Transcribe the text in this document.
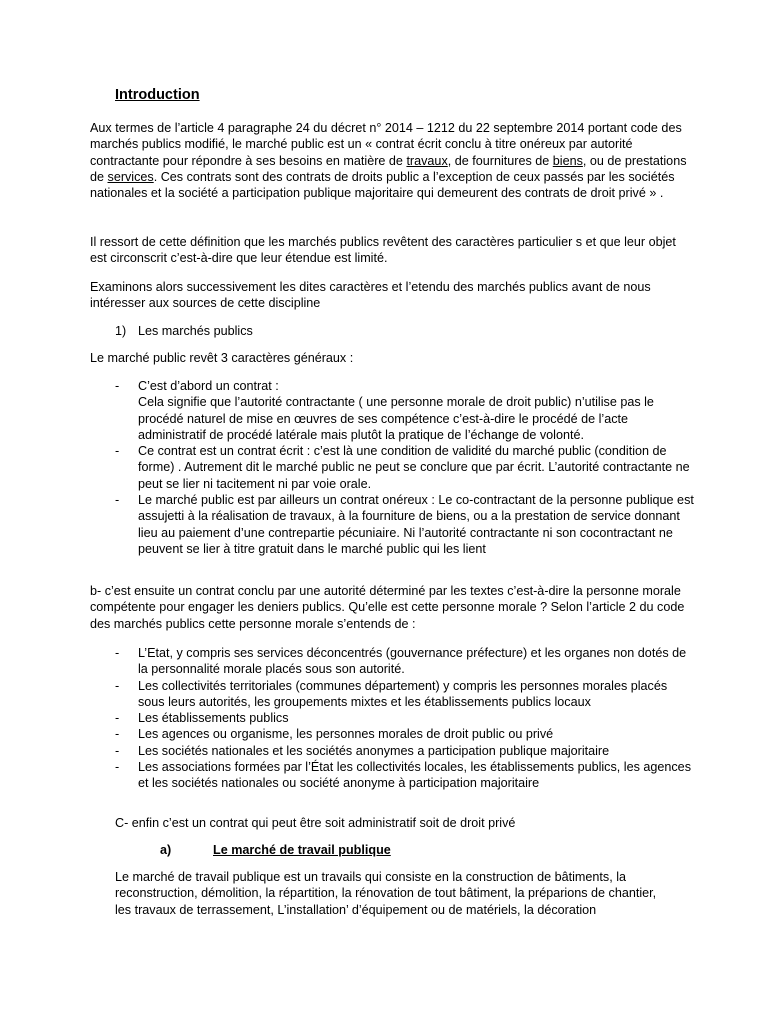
Introduction

Aux termes de l’article 4 paragraphe 24 du décret n° 2014 – 1212 du 22 septembre 2014 portant code des marchés publics modifié, le marché public est un « contrat écrit conclu à titre onéreux par autorité contractante pour répondre à ses besoins en matière de travaux, de fournitures de biens, ou de prestations de services. Ces contrats sont des contrats de droits public a l’exception de ceux passés par les sociétés nationales et la société a participation publique majoritaire qui demeurent des contrats de droit privé » .

Il ressort de cette définition que les marchés publics revêtent des caractères particulier s et que leur objet est circonscrit c’est-à-dire que leur étendue est limité.

Examinons alors successivement les dites caractères et l’etendu des marchés publics avant de nous intéresser aux sources de cette discipline

1) Les marchés publics

Le marché public revêt 3 caractères généraux :

- C’est d’abord un contrat :
Cela signifie que l’autorité contractante ( une personne morale de droit public) n’utilise pas le procédé naturel de mise en œuvres de ses compétence c’est-à-dire le procédé de l’acte administratif de procédé latérale mais plutôt la pratique de l’échange de volonté.
- Ce contrat est un contrat écrit : c’est là une condition de validité du marché public (condition de forme) . Autrement dit le marché public ne peut se conclure que par écrit. L’autorité contractante ne peut se lier ni tacitement ni par voie orale.
- Le marché public est par ailleurs un contrat onéreux : Le co-contractant de la personne publique est assujetti à la réalisation de travaux, à la fourniture de biens, ou a la prestation de service donnant lieu au paiement d’une contrepartie pécuniaire. Ni l’autorité contractante ni son cocontractant ne peuvent se lier à titre gratuit dans le marché public qui les lient

b- c’est ensuite un contrat conclu par une autorité déterminé par les textes c’est-à-dire la personne morale compétente pour engager les deniers publics. Qu’elle est cette personne morale ? Selon l’article 2 du code des marchés publics cette personne morale s’entends de :

- L’Etat, y compris ses services déconcentrés (gouvernance préfecture) et les organes non dotés de la personnalité morale placés sous son autorité.
- Les collectivités territoriales (communes département) y compris les personnes morales placés sous leurs autorités, les groupements mixtes et les établissements publics locaux
- Les établissements publics
- Les agences ou organisme, les personnes morales de droit public ou privé
- Les sociétés nationales et les sociétés anonymes a participation publique majoritaire
- Les associations formées par l’État les collectivités locales, les établissements publics, les agences et les sociétés nationales ou société anonyme à participation majoritaire

C- enfin c’est un contrat qui peut être soit administratif soit de droit privé

a)	Le marché de travail publique

Le marché de travail publique est un travails qui consiste en la construction de bâtiments, la reconstruction, démolition, la répartition, la rénovation de tout bâtiment, la préparions de chantier, les travaux de terrassement, L’installation’ d’équipement ou de matériels, la décoration
